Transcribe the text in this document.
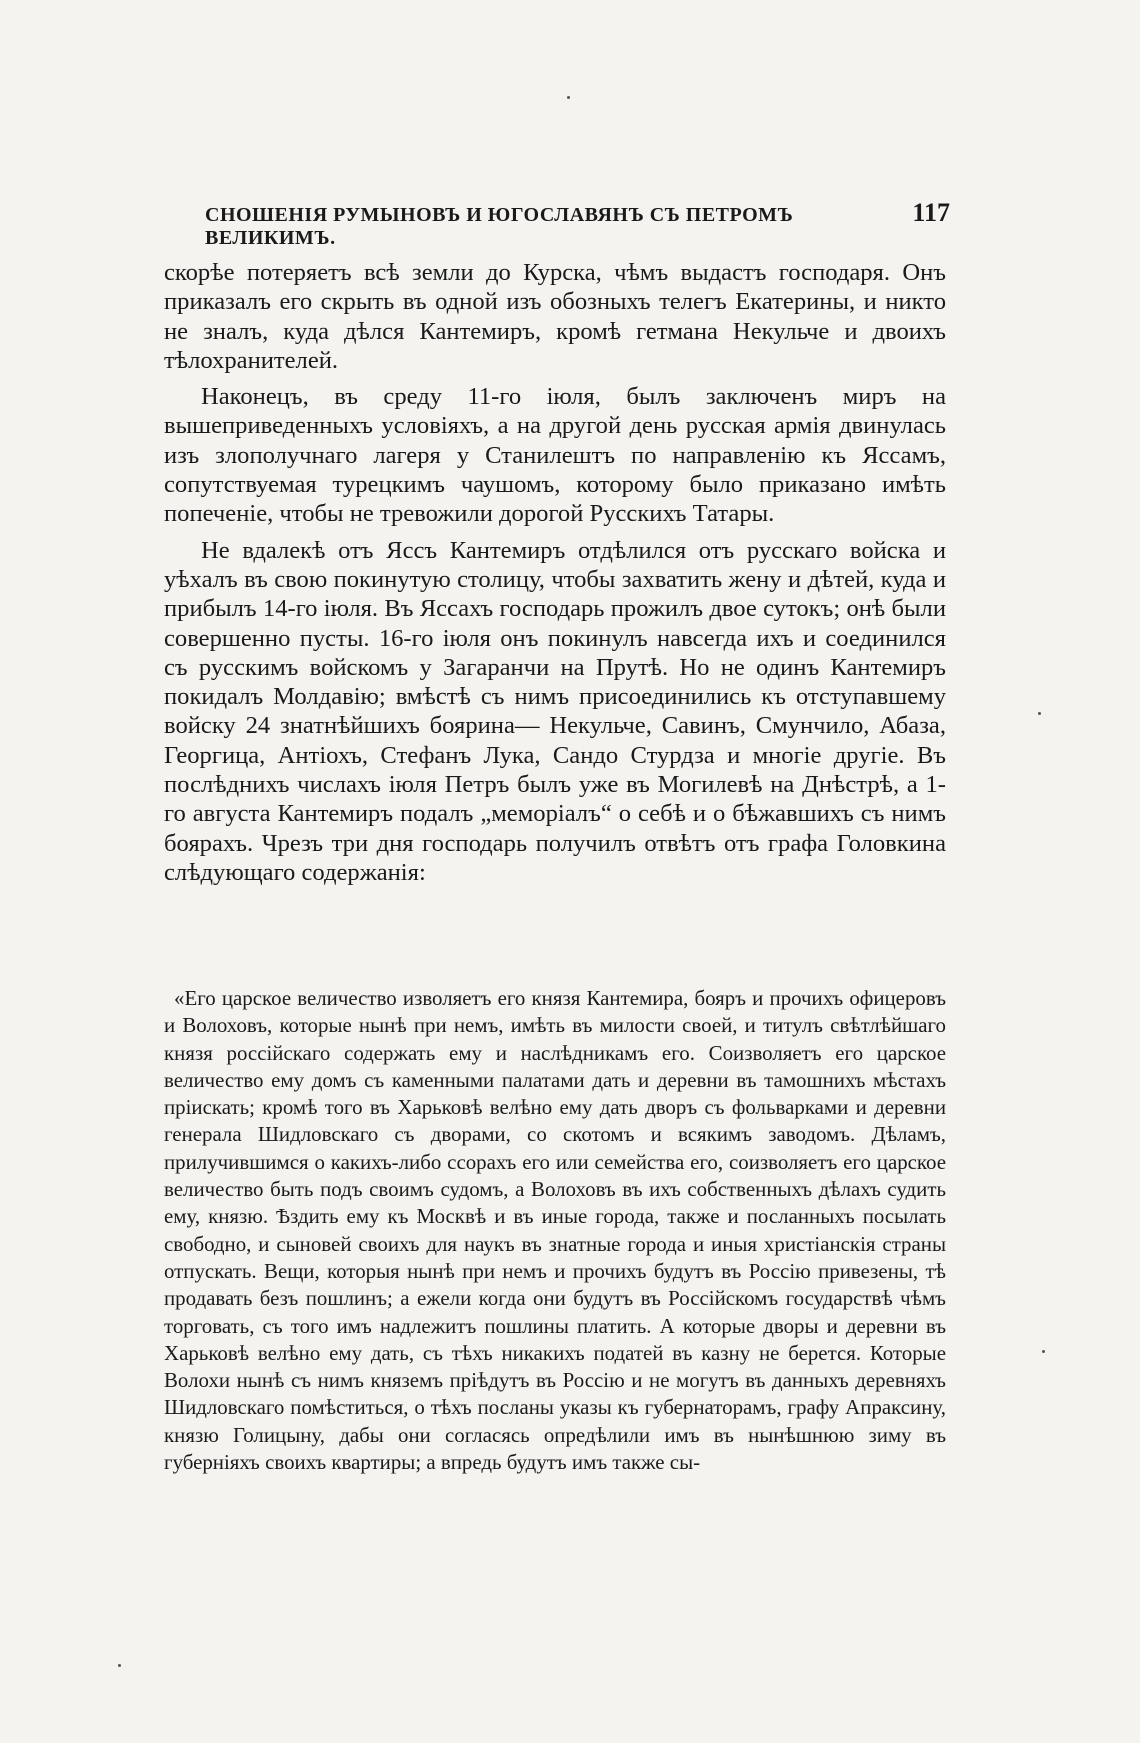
СНОШЕНІЯ РУМЫНОВЪ И ЮГОСЛАВЯНЪ СЪ ПЕТРОМЪ ВЕЛИКИМЪ.
117

скорѣе потеряетъ всѣ земли до Курска, чѣмъ выдастъ господаря. Онъ приказалъ его скрыть въ одной изъ обозныхъ телегъ Екатерины, и никто не зналъ, куда дѣлся Кантемиръ, кромѣ гетмана Некульче и двоихъ тѣлохранителей.

Наконецъ, въ среду 11-го іюля, былъ заключенъ миръ на вышеприведенныхъ условіяхъ, а на другой день русская армія двинулась изъ злополучнаго лагеря у Станилештъ по направленію къ Яссамъ, сопутствуемая турецкимъ чаушомъ, которому было приказано имѣть попеченіе, чтобы не тревожили дорогой Русскихъ Татары.

Не вдалекѣ отъ Яссъ Кантемиръ отдѣлился отъ русскаго войска и уѣхалъ въ свою покинутую столицу, чтобы захватить жену и дѣтей, куда и прибылъ 14-го іюля. Въ Яссахъ господарь прожилъ двое сутокъ; онѣ были совершенно пусты. 16-го іюля онъ покинулъ навсегда ихъ и соединился съ русскимъ войскомъ у Загаранчи на Прутѣ. Но не одинъ Кантемиръ покидалъ Молдавію; вмѣстѣ съ нимъ присоединились къ отступавшему войску 24 знатнѣйшихъ боярина— Некульче, Савинъ, Смунчило, Абаза, Георгица, Антіохъ, Стефанъ Лука, Сандо Стурдза и многіе другіе. Въ послѣднихъ числахъ іюля Петръ былъ уже въ Могилевѣ на Днѣстрѣ, а 1-го августа Кантемиръ подалъ „меморіалъ“ о себѣ и о бѣжавшихъ съ нимъ боярахъ. Чрезъ три дня господарь получилъ отвѣтъ отъ графа Головкина слѣдующаго содержанія:

«Его царское величество изволяетъ его князя Кантемира, бояръ и прочихъ офицеровъ и Волоховъ, которые нынѣ при немъ, имѣть въ милости своей, и титулъ свѣтлѣйшаго князя россійскаго содержать ему и наслѣдникамъ его. Соизволяетъ его царское величество ему домъ съ каменными палатами дать и деревни въ тамошнихъ мѣстахъ пріискать; кромѣ того въ Харьковѣ велѣно ему дать дворъ съ фольварками и деревни генерала Шидловскаго съ дворами, со скотомъ и всякимъ заводомъ. Дѣламъ, прилучившимся о какихъ-либо ссорахъ его или семейства его, соизволяетъ его царское величество быть подъ своимъ судомъ, а Волоховъ въ ихъ собственныхъ дѣлахъ судить ему, князю. Ѣздить ему къ Москвѣ и въ иные города, также и посланныхъ посылать свободно, и сыновей своихъ для наукъ въ знатные города и иныя христіанскія страны отпускать. Вещи, которыя нынѣ при немъ и прочихъ будутъ въ Россію привезены, тѣ продавать безъ пошлинъ; а ежели когда они будутъ въ Россійскомъ государствѣ чѣмъ торговать, съ того имъ надлежитъ пошлины платить. А которые дворы и деревни въ Харьковѣ велѣно ему дать, съ тѣхъ никакихъ податей въ казну не берется. Которые Волохи нынѣ съ нимъ княземъ пріѣдутъ въ Россію и не могутъ въ данныхъ деревняхъ Шидловскаго помѣститься, о тѣхъ посланы указы къ губернаторамъ, графу Апраксину, князю Голицыну, дабы они согласясь опредѣлили имъ въ нынѣшнюю зиму въ губерніяхъ своихъ квартиры; а впредь будутъ имъ также сы-
